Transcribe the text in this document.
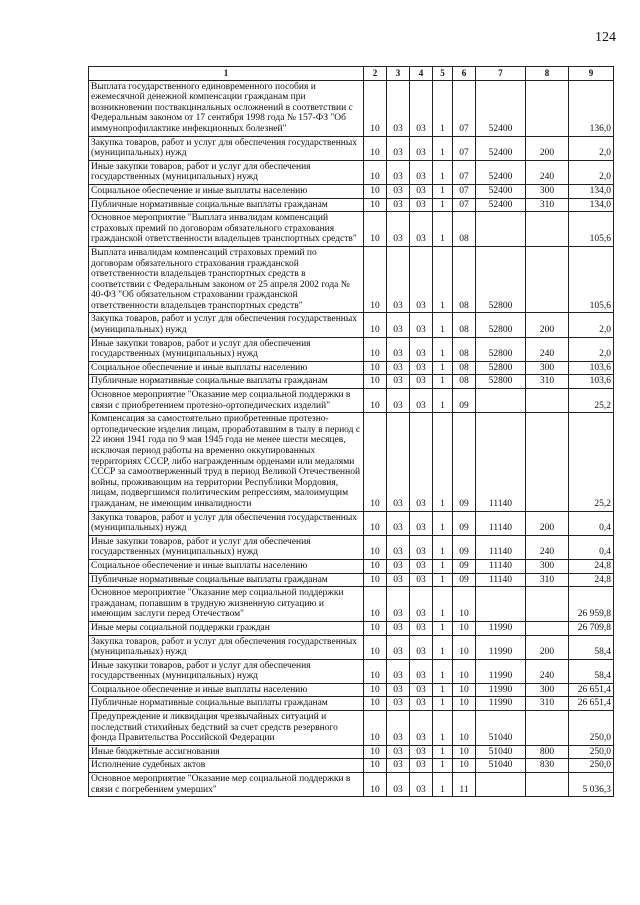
124
1	2	3	4	5	6	7	8	9
Выплата государственного единовременного пособия и ежемесячной денежной компенсации гражданам при возникновении поствакцинальных осложнений в соответствии с Федеральным законом от 17 сентября 1998 года № 157-ФЗ "Об иммунопрофилактике инфекционных болезней"	10	03	03	1	07	52400		136,0
Закупка товаров, работ и услуг для обеспечения государственных (муниципальных) нужд	10	03	03	1	07	52400	200	2,0
Иные закупки товаров, работ и услуг для обеспечения государственных (муниципальных) нужд	10	03	03	1	07	52400	240	2,0
Социальное обеспечение и иные выплаты населению	10	03	03	1	07	52400	300	134,0
Публичные нормативные социальные выплаты гражданам	10	03	03	1	07	52400	310	134,0
Основное мероприятие "Выплата инвалидам компенсаций страховых премий по договорам обязательного страхования гражданской ответственности владельцев транспортных средств"	10	03	03	1	08			105,6
Выплата инвалидам компенсаций страховых премий по договорам обязательного страхования гражданской ответственности владельцев транспортных средств в соответствии с Федеральным законом от 25 апреля 2002 года № 40-ФЗ "Об обязательном страховании гражданской ответственности владельцев транспортных средств"	10	03	03	1	08	52800		105,6
Закупка товаров, работ и услуг для обеспечения государственных (муниципальных) нужд	10	03	03	1	08	52800	200	2,0
Иные закупки товаров, работ и услуг для обеспечения государственных (муниципальных) нужд	10	03	03	1	08	52800	240	2,0
Социальное обеспечение и иные выплаты населению	10	03	03	1	08	52800	300	103,6
Публичные нормативные социальные выплаты гражданам	10	03	03	1	08	52800	310	103,6
Основное мероприятие "Оказание мер социальной поддержки в связи с приобретением протезно-ортопедических изделий"	10	03	03	1	09			25,2
Компенсация за самостоятельно приобретенные протезно-ортопедические изделия лицам, проработавшим в тылу в период с 22 июня 1941 года по 9 мая 1945 года не менее шести месяцев, исключая период работы на временно оккупированных территориях СССР, либо награжденным орденами или медалями СССР за самоотверженный труд в период Великой Отечественной войны, проживающим на территории Республики Мордовия, лицам, подвергшимся политическим репрессиям, малоимущим гражданам, не имеющим инвалидности	10	03	03	1	09	11140		25,2
Закупка товаров, работ и услуг для обеспечения государственных (муниципальных) нужд	10	03	03	1	09	11140	200	0,4
Иные закупки товаров, работ и услуг для обеспечения государственных (муниципальных) нужд	10	03	03	1	09	11140	240	0,4
Социальное обеспечение и иные выплаты населению	10	03	03	1	09	11140	300	24,8
Публичные нормативные социальные выплаты гражданам	10	03	03	1	09	11140	310	24,8
Основное мероприятие "Оказание мер социальной поддержки гражданам, попавшим в трудную жизненную ситуацию и имеющим заслуги перед Отечеством"	10	03	03	1	10			26 959,8
Иные меры социальной поддержки граждан	10	03	03	1	10	11990		26 709,8
Закупка товаров, работ и услуг для обеспечения государственных (муниципальных) нужд	10	03	03	1	10	11990	200	58,4
Иные закупки товаров, работ и услуг для обеспечения государственных (муниципальных) нужд	10	03	03	1	10	11990	240	58,4
Социальное обеспечение и иные выплаты населению	10	03	03	1	10	11990	300	26 651,4
Публичные нормативные социальные выплаты гражданам	10	03	03	1	10	11990	310	26 651,4
Предупреждение и ликвидация чрезвычайных ситуаций и последствий стихийных бедствий за счет средств резервного фонда Правительства Российской Федерации	10	03	03	1	10	51040		250,0
Иные бюджетные ассигнования	10	03	03	1	10	51040	800	250,0
Исполнение судебных актов	10	03	03	1	10	51040	830	250,0
Основное мероприятие "Оказание мер социальной поддержки в связи с погребением умерших"	10	03	03	1	11			5 036,3
